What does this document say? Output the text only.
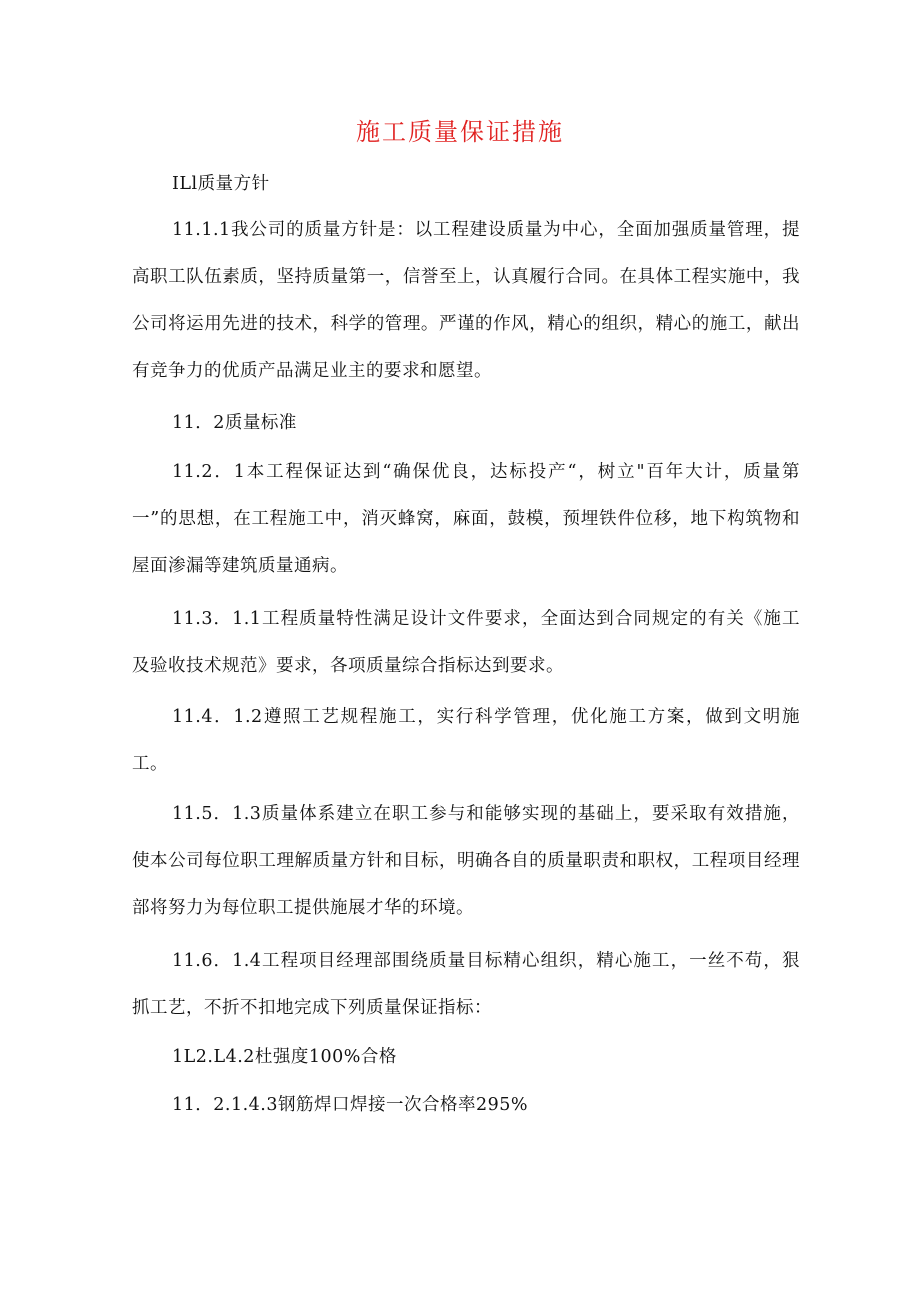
施工质量保证措施

ILl质量方针

11.1.1我公司的质量方针是：以工程建设质量为中心，全面加强质量管理，提高职工队伍素质，坚持质量第一，信誉至上，认真履行合同。在具体工程实施中，我公司将运用先进的技术，科学的管理。严谨的作风，精心的组织，精心的施工，献出有竞争力的优质产品满足业主的要求和愿望。

11．2质量标准

11.2．1本工程保证达到“确保优良，达标投产“，树立"百年大计，质量第一”的思想，在工程施工中，消灭蜂窝，麻面，鼓模，预埋铁件位移，地下构筑物和屋面渗漏等建筑质量通病。

11.3．1.1工程质量特性满足设计文件要求，全面达到合同规定的有关《施工及验收技术规范》要求，各项质量综合指标达到要求。

11.4．1.2遵照工艺规程施工，实行科学管理，优化施工方案，做到文明施工。

11.5．1.3质量体系建立在职工参与和能够实现的基础上，要采取有效措施，使本公司每位职工理解质量方针和目标，明确各自的质量职责和职权，工程项目经理部将努力为每位职工提供施展才华的环境。

11.6．1.4工程项目经理部围绕质量目标精心组织，精心施工，一丝不苟，狠抓工艺，不折不扣地完成下列质量保证指标：

1L2.L4.2杜强度100%合格

11．2.1.4.3钢筋焊口焊接一次合格率295%
